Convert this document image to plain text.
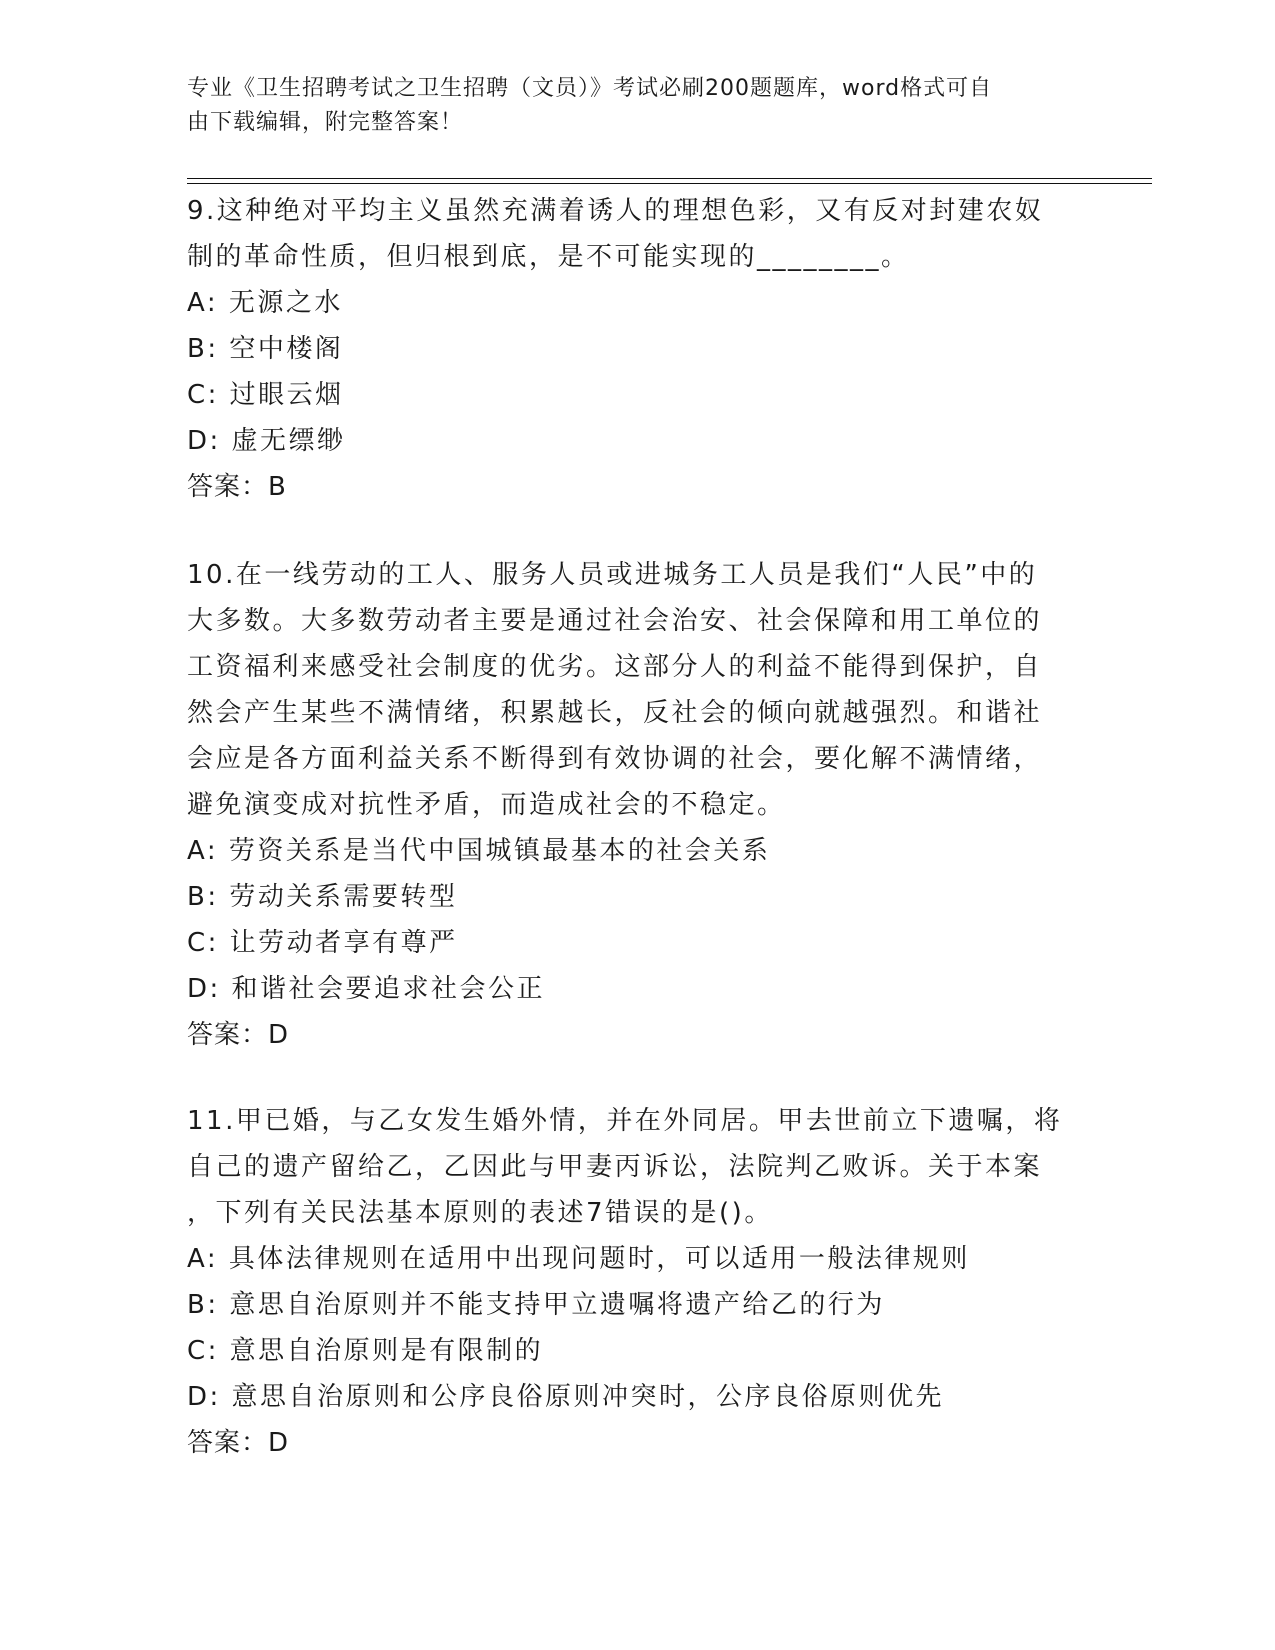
专业《卫生招聘考试之卫生招聘（文员）》考试必刷200题题库，word格式可自
由下载编辑，附完整答案！

9.这种绝对平均主义虽然充满着诱人的理想色彩，又有反对封建农奴

制的革命性质，但归根到底，是不可能实现的________。

A: 无源之水

B: 空中楼阁

C: 过眼云烟

D: 虚无缥缈

答案：B

10.在一线劳动的工人、服务人员或进城务工人员是我们“人民”中的

大多数。大多数劳动者主要是通过社会治安、社会保障和用工单位的

工资福利来感受社会制度的优劣。这部分人的利益不能得到保护，自

然会产生某些不满情绪，积累越长，反社会的倾向就越强烈。和谐社

会应是各方面利益关系不断得到有效协调的社会，要化解不满情绪，

避免演变成对抗性矛盾，而造成社会的不稳定。

A: 劳资关系是当代中国城镇最基本的社会关系

B: 劳动关系需要转型

C: 让劳动者享有尊严

D: 和谐社会要追求社会公正

答案：D

11.甲已婚，与乙女发生婚外情，并在外同居。甲去世前立下遗嘱，将

自己的遗产留给乙，乙因此与甲妻丙诉讼，法院判乙败诉。关于本案

，下列有关民法基本原则的表述7错误的是()。

A: 具体法律规则在适用中出现问题时，可以适用一般法律规则

B: 意思自治原则并不能支持甲立遗嘱将遗产给乙的行为

C: 意思自治原则是有限制的

D: 意思自治原则和公序良俗原则冲突时，公序良俗原则优先

答案：D
